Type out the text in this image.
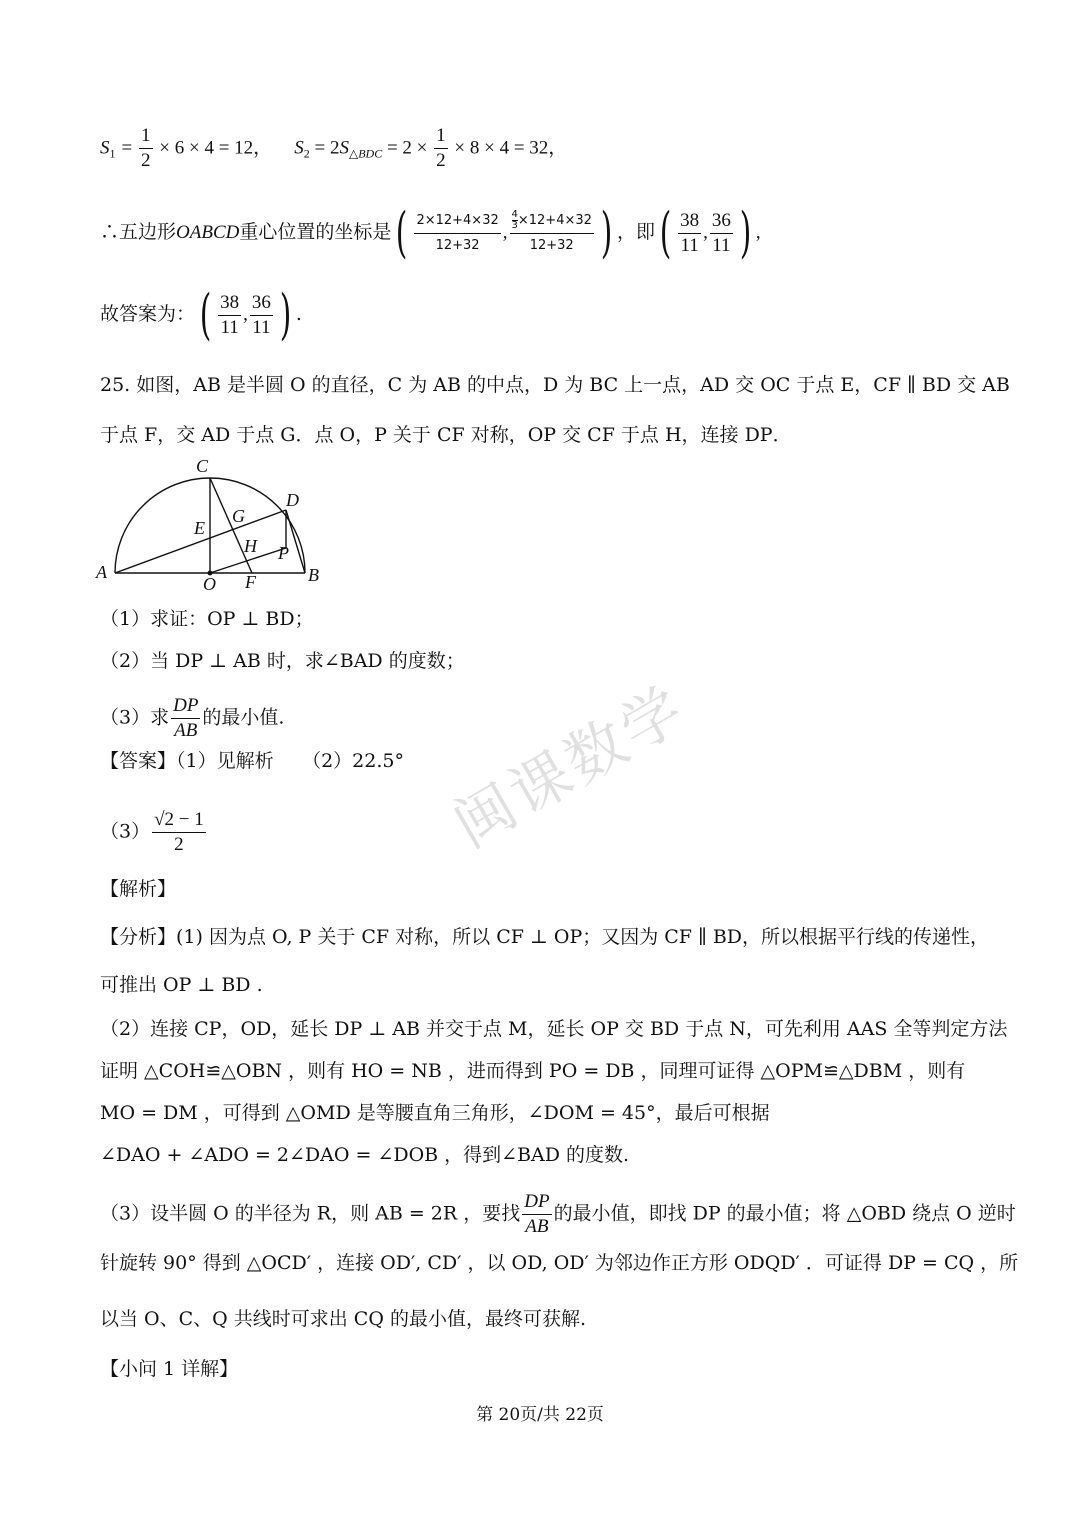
$S_1 = \frac{1}{2} \times 6 \times 4 = 12$， $S_2 = 2S_{\triangle BDC} = 2 \times \frac{1}{2} \times 8 \times 4 = 32$，
∴五边形OABCD重心位置的坐标是( $\frac{2\times 12+4\times 32}{12+32}$ , $\frac{\frac{4}{3} \times 12+4\times 32}{12+32}$ ) ，即( $\frac{38}{11}$ , $\frac{36}{11}$ ) ,
故答案为：( $\frac{38}{11}$ , $\frac{36}{11}$ ) .
25. 如图，AB 是半圆 O 的直径，C 为 AB 的中点，D 为 BC 上一点，AD 交 OC 于点 E，CF ∥ BD 交 AB
于点 F，交 AD 于点 G．点 O，P 关于 CF 对称，OP 交 CF 于点 H，连接 DP．
A	B
C
D
E
G
H P
O F
（1）求证：OP ⊥ BD；
（2）当 DP ⊥ AB 时，求∠BAD 的度数；
（3）求 $\frac{DP}{AB}$ 的最小值.
【答案】（1）见解析　　（2）22.5°
$(3) \frac{√2 - 1}{2}$
【解析】
【分析】(1) 因为点 O, P 关于 CF 对称，所以 CF ⊥ OP；又因为 CF ∥ BD，所以根据平行线的传递性，
可推出 OP ⊥ BD .
（2）连接 CP，OD，延长 DP ⊥ AB 并交于点 M，延长 OP 交 BD 于点 N，可先利用 AAS 全等判定方法
证明 △COH≌△OBN ，则有 HO = NB ，进而得到 PO = DB ，同理可证得 △OPM≌△DBM ，则有
MO = DM ，可得到 △OMD 是等腰直角三角形，∠DOM = 45°，最后可根据
∠DAO + ∠ADO = 2∠DAO = ∠DOB ，得到∠BAD 的度数.
（3）设半圆 O 的半径为 R，则 AB = 2R ，要找 $\frac{DP}{AB}$ 的最小值，即找 DP 的最小值；将 △OBD 绕点 O 逆时
针旋转 90° 得到 △OCD′ ，连接 OD′, CD′ ，以 OD, OD′ 为邻边作正方形 ODQD′ ．可证得 DP = CQ ，所
以当 O、C、Q 共线时可求出 CQ 的最小值，最终可获解.
【小问 1 详解】
闽课数学
第 20页/共 22页
